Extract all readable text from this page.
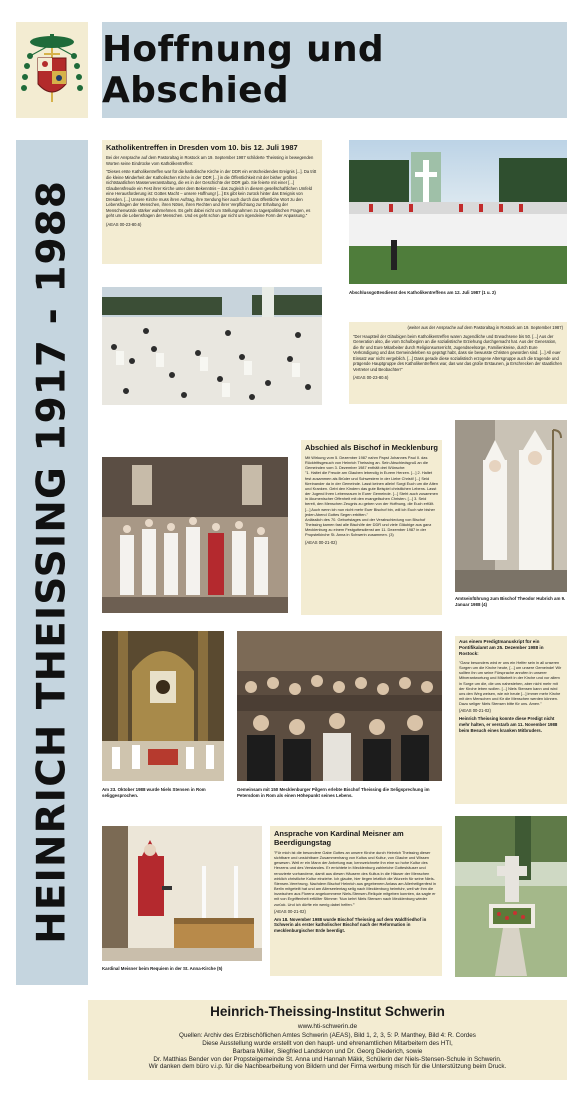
Hoffnung und Abschied
HEINRICH THEISSING 1917 - 1988
Katholikentreffen in Dresden vom 10. bis 12. Juli 1987
Bei der Ansprache auf dem Pastoraltag in Rostock am 19. September 1987 schilderte Theissing in bewegenden Worten seine Eindrücke vom Katholikentreffen:
"Dieses erste Katholikentreffen war für die katholische Kirche in der DDR ein entscheidendes Ereignis [...]. Da tritt die kleine Minderheit der Katholischen Kirche in der DDR [...] in die Öffentlichkeit mit der bisher größten nichtstaatlichen Massenveranstaltung, die es in der Geschichte der DDR gab. Sie feierte mit einer [...] Glaubensfreude ein Fest ihrer Kirche unter dem Bekenntnis – das zugleich in diesem gesellschaftlichen Umfeld eine Herausforderung ist: Gottes Macht – unsere Hoffnung! [...] Es gibt kein zurück hinter das Ereignis von Dresden. [...] Unsere Kirche muss ihren Auftrag, ihre Sendung hier auch durch das öffentliche Wort zu den Lebensfragen der Menschen, ihren Nöten, ihren Rechten und ihrer Verpflichtung zur Erhaltung der Menschenwürde stärker wahrnehmen. Es geht dabei nicht um Stellungnahmen zu tagespolitischen Fragen, es geht um die Lebensfragen der Menschen. Und es geht schon gar nicht um irgendeine Form der Anpassung."
(AEAS 00-23-80.6)
Abschlussgottesdienst des Katholikentreffens am 12. Juli 1987 (1 u. 2)
(weiter aus der Ansprache auf dem Pastoraltag in Rostock am 19. September 1987)
"Der Hauptteil der Gläubigen beim Katholikentreffen waren Jugendliche und Erwachsene bis 50. [...] Aus der Generation also, die vom Schulbeginn an die sozialistische Erziehung durchgemacht hat. Aus der Generation, die Ihr und Eure Mitarbeiter durch Religionsunterricht, Jugendseelsorge, Familienkreise, durch Eure Verkündigung und das Gemeindeleben so geprägt habt, dass sie bewusste Christen geworden sind. [...] All euer Einsatz war nicht vergeblich. [...] Dass gerade diese sozialistisch erzogene Altersgruppe auch die tragende und prägende Hauptgruppe des Katholikentreffens war, das war das große Erstaunen, ja Erschrecken der staatlichen Vertreter und Beobachter!"
(AEAS 00-23-80.6)
Abschied als Bischof in Mecklenburg
Mit Wirkung vom 5. Dezember 1987 nahm Papst Johannes Paul II. das Rücktrittsgesuch von Heinrich Theissing an. Sein Abschiedsgruß an die Gemeinden vom 3. Dezember 1987 enthält drei Wünsche:
"1. Haltet die Freude am Glauben lebendig in Eurem Herzen. [...] 2. Haltet fest zusammen als Brüder und Schwestern in der Liebe Christi! [...] Seid füreinander da in der Gemeinde. Lasst keinen allein! Sorgt Euch um die Alten und Kranken. Gebt den Kindern das gute Beispiel christlichen Lebens. Lasst der Jugend ihren Lebensraum in Eurer Gemeinde. [...] Steht auch zusammen in ökumenischer Offenheit mit den evangelischen Christen. [...] 3. Seid bereit, den Menschen Zeugnis zu geben von der Hoffnung, die Euch erfüllt. [...] Auch wenn ich nun nicht mehr Euer Bischof bin, will ich Euch wie bisher jeden Abend Gottes Segen erbitten."
Anlässlich des 70. Geburtstages und der Verabschiedung von Bischof Theissing kamen fast alle Bischöfe der DDR und viele Gläubige aus ganz Mecklenburg zu einem Festgottesdienst am 11. Dezember 1987 in der Propsteikirche St. Anna in Schwerin zusammen. (3)
(AEAS 00-21-02)
Amtseinführung zum Bischof Theodor Hubrich am 9. Januar 1988 (4)
Am 23. Oktober 1988 wurde Niels Stensen in Rom seliggesprochen.
Gemeinsam mit 150 Mecklenburger Pilgern erlebte Bischof Theissing die Seligsprechung im Petersdom in Rom als einen Höhepunkt seines Lebens.
Aus einem Predigtmanuskript für ein Pontifikalamt am 25. Dezember 1988 in Rostock:
"Ganz besonders wird er uns ein Helfer sein in all unseren Sorgen um die Kirche heute, [...] um unsere Gemeinde! Wir sollten ihn um seine Fürsprache anrufen in unserer Mitverantwortung und Mitarbeit in der Kirche und vor allem in Sorge um die, die uns nahestehen, aber nicht mehr mit der Kirche leben wollen. [...] Niels Stensen kann und wird uns den Weg weisen, wie wir heute [...] immer mehr Kirche mit den Menschen und für die Menschen werden können. Dazu seliger Niels Stensen bitte für uns. Amen."
(AEAS 00-21-02)
Heinrich Theissing konnte diese Predigt nicht mehr halten, er verstarb am 11. November 1988 beim Besuch eines kranken Mitbruders.
Kardinal Meisner beim Requiem in der St. Anna-Kirche (5)
Ansprache von Kardinal Meisner am Beerdigungstag
"Für mich ist die besondere Gabe Gottes an unsere Kirche durch Heinrich Theissing dieser sichtbare und unsichtbare Zusammenhang von Kultus und Kultur, von Glaube und Wissen gewesen. Weil er ein Mann der Anbetung war, kennzeichnete ihn eine so hohe Kultur des Herzens und des Verstandes. Er errichtete in Mecklenburg zahlreiche Gotteshäuser und renovierte vorhandene, damit aus diesen Häusern des Kultus in die Häuser der Menschen wirklich christliche Kultur einziehe. Ich glaube, hier liegen letztlich die Wurzeln für seine Niels-Stensen-Verehrung. Nachdem Bischof Heinrich aus gegebenem Anlass am Allerheiligenfest in Berlin mitgeteilt hat und am Allerseelentag selig nach Mecklenburg heimfuhr, weil wir ihm die inzwischen aus Florenz angekommene Niels-Stensen-Reliquie mitgeben konnten, da sagte er mit von Ergriffenheit erfüllter Stimme: 'Nun kehrt Niels Stensen nach Mecklenburg wieder zurück. Und ich dürfte ein wenig dabei helfen.'"
(AEAS 00-21-02)
Am 18. November 1988 wurde Bischof Theissing auf dem Waldfriedhof in Schwerin als erster katholischer Bischof nach der Reformation in mecklenburgischer Erde beerdigt.
Heinrich-Theissing-Institut Schwerin
www.hti-schwerin.de
Quellen: Archiv des Erzbischöflichen Amtes Schwerin (AEAS), Bild 1, 2, 3, 5: P. Manthey, Bild 4: R. Cordes
Diese Ausstellung wurde erstellt von den haupt- und ehrenamtlichen Mitarbeitern des HTI,
Barbara Müller, Siegfried Landskron und Dr. Georg Diederich, sowie
Dr. Matthias Bender von der Propsteigemeinde St. Anna und Hannah Mäkk, Schülerin der Niels-Stensen-Schule in Schwerin.
Wir danken dem büro v.i.p. für die Nachbearbeitung von Bildern und der Firma werbung misch für die Unterstützung beim Druck.
